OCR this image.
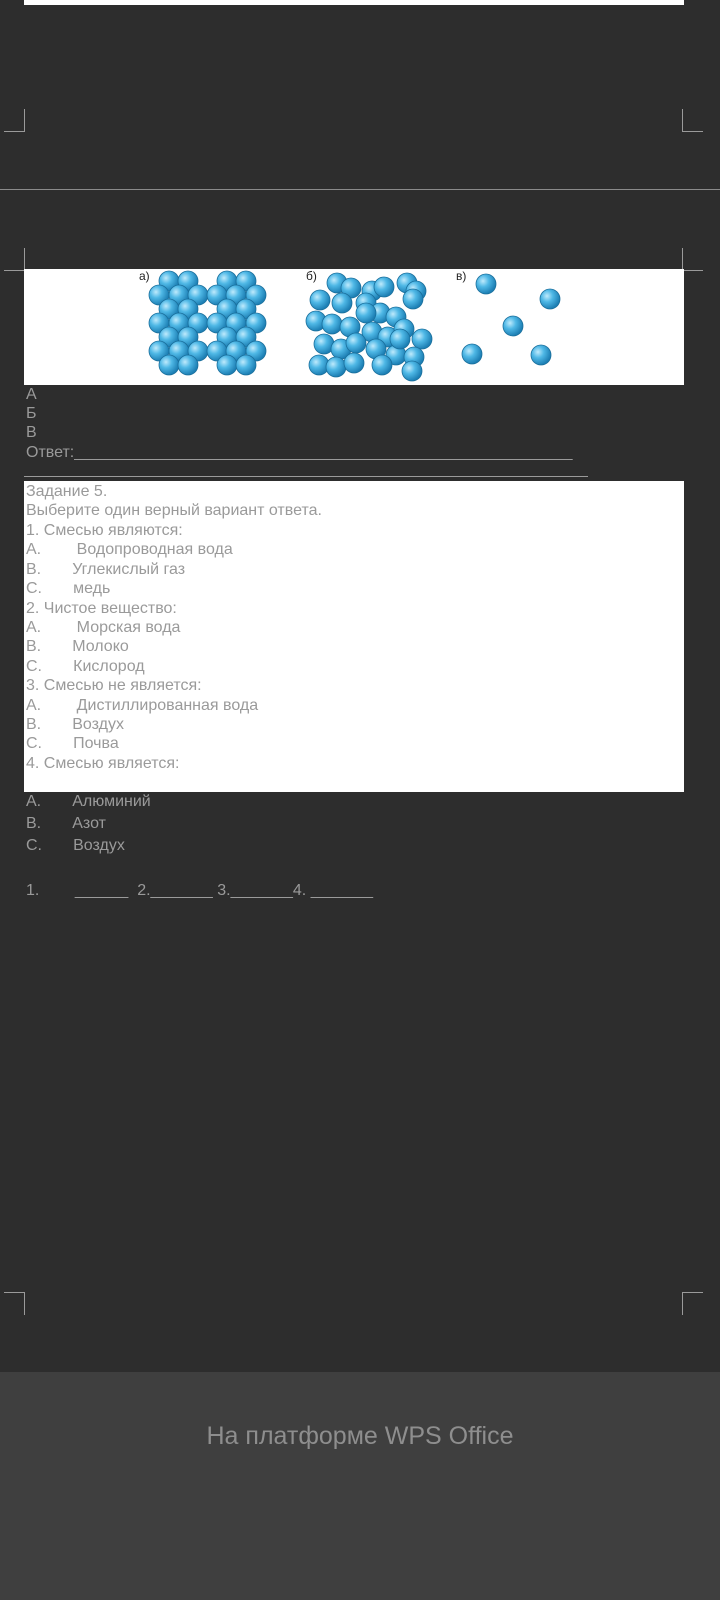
а)	б)	в)
А
Б
В
Ответ:________________________________________________________
Задание 5.
Выберите один верный вариант ответа.
1. Смесью являются:
A.        Водопроводная вода
B.       Углекислый газ
C.       медь
2. Чистое вещество:
A.        Морская вода
B.       Молоко
C.       Кислород
3. Смесью не является:
A.        Дистиллированная вода
B.       Воздух
C.       Почва
4. Смесью является:
A.       Алюминий
B.       Азот
C.       Воздух
1.        ______  2._______ 3._______4. _______
На платформе WPS Office
